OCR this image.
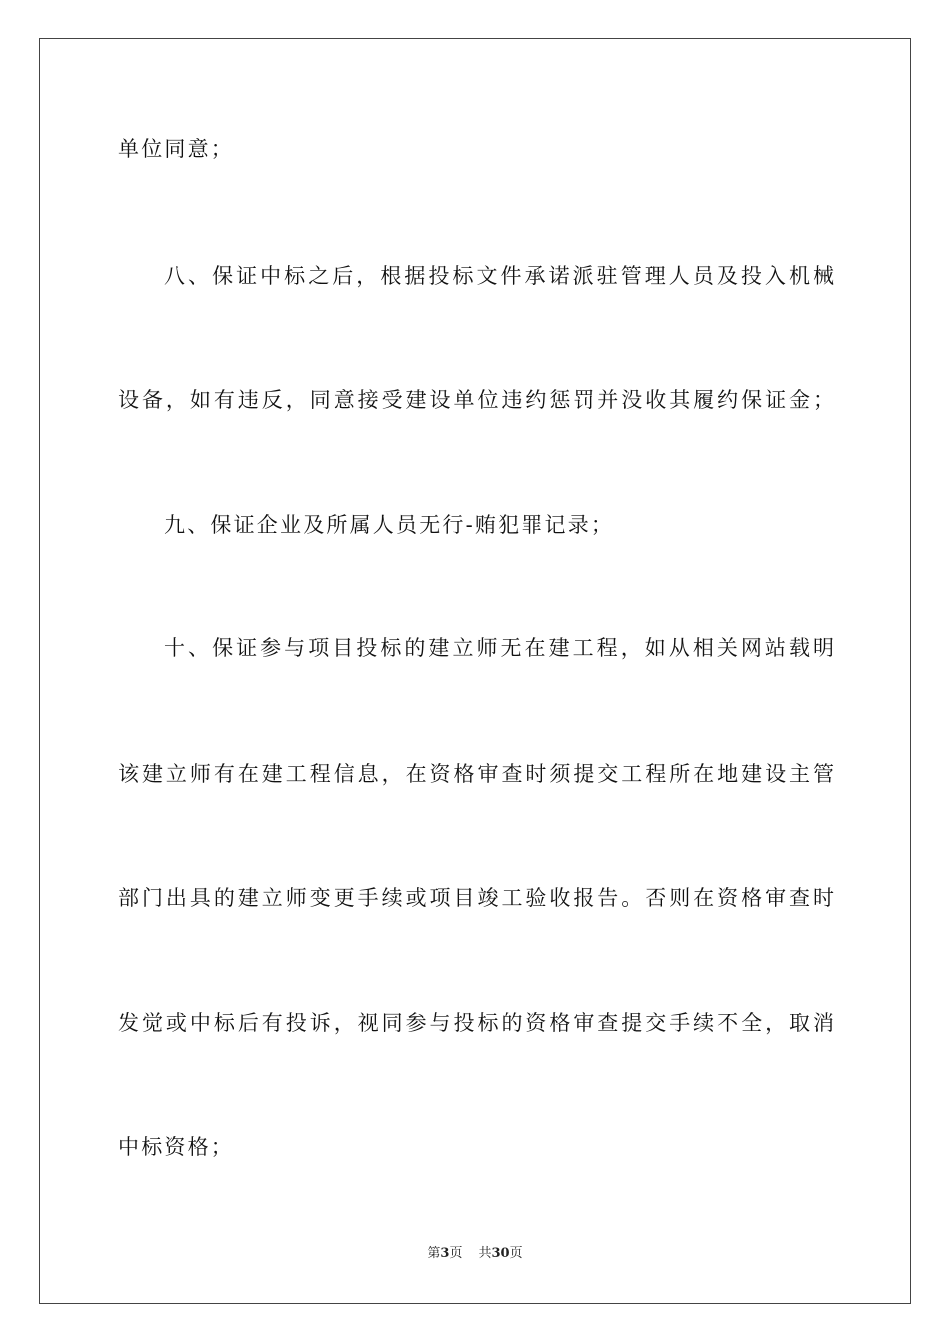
单位同意；
八、保证中标之后，根据投标文件承诺派驻管理人员及投入机械
设备，如有违反，同意接受建设单位违约惩罚并没收其履约保证金；
九、保证企业及所属人员无行-贿犯罪记录；
十、保证参与项目投标的建立师无在建工程，如从相关网站载明
该建立师有在建工程信息，在资格审查时须提交工程所在地建设主管
部门出具的建立师变更手续或项目竣工验收报告。否则在资格审查时
发觉或中标后有投诉，视同参与投标的资格审查提交手续不全，取消
中标资格；
第3页 共30页
